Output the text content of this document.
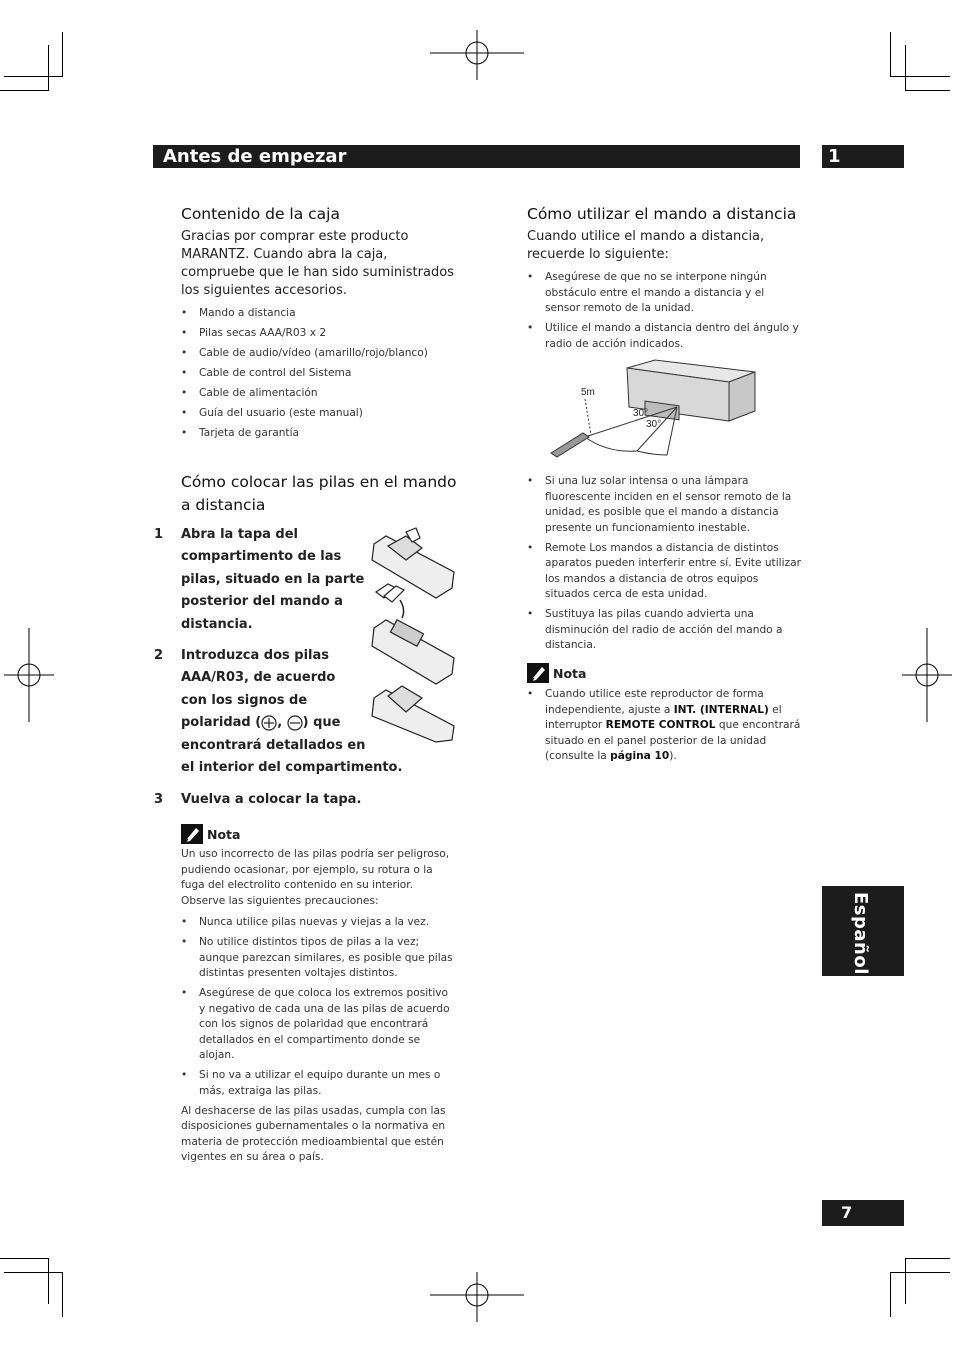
Antes de empezar	1
Español
7
Contenido de la caja

Gracias por comprar este producto MARANTZ. Cuando abra la caja, compruebe que le han sido suministrados los siguientes accesorios.

• Mando a distancia
• Pilas secas AAA/R03 x 2
• Cable de audio/vídeo (amarillo/rojo/blanco)
• Cable de control del Sistema
• Cable de alimentación
• Guía del usuario (este manual)
• Tarjeta de garantía
Cómo colocar las pilas en el mando
a distancia
1 Abra la tapa del
compartimento de las
pilas, situado en la parte
posterior del mando a
distancia.
2 Introduzca dos pilas
AAA/R03, de acuerdo
con los signos de
polaridad ( , ) que
encontrará detallados en
el interior del compartimento.
3 Vuelva a colocar la tapa.
Nota

Un uso incorrecto de las pilas podría ser peligroso, pudiendo ocasionar, por ejemplo, su rotura o la fuga del electrolito contenido en su interior. Observe las siguientes precauciones:

• Nunca utilice pilas nuevas y viejas a la vez.
• No utilice distintos tipos de pilas a la vez; aunque parezcan similares, es posible que pilas distintas presenten voltajes distintos.
• Asegúrese de que coloca los extremos positivo y negativo de cada una de las pilas de acuerdo con los signos de polaridad que encontrará detallados en el compartimento donde se alojan.
• Si no va a utilizar el equipo durante un mes o más, extraiga las pilas.

Al deshacerse de las pilas usadas, cumpla con las disposiciones gubernamentales o la normativa en materia de protección medioambiental que estén vigentes en su área o país.

Cómo utilizar el mando a distancia

Cuando utilice el mando a distancia, recuerde lo siguiente:

• Asegúrese de que no se interpone ningún obstáculo entre el mando a distancia y el sensor remoto de la unidad.
• Utilice el mando a distancia dentro del ángulo y radio de acción indicados.
5m
30°
30°
• Si una luz solar intensa o una lámpara fluorescente inciden en el sensor remoto de la unidad, es posible que el mando a distancia presente un funcionamiento inestable.
• Remote Los mandos a distancia de distintos aparatos pueden interferir entre sí. Evite utilizar los mandos a distancia de otros equipos situados cerca de esta unidad.
• Sustituya las pilas cuando advierta una disminución del radio de acción del mando a distancia.
Nota
• Cuando utilice este reproductor de forma independiente, ajuste a INT. (INTERNAL) el interruptor REMOTE CONTROL que encontrará situado en el panel posterior de la unidad (consulte la página 10).
